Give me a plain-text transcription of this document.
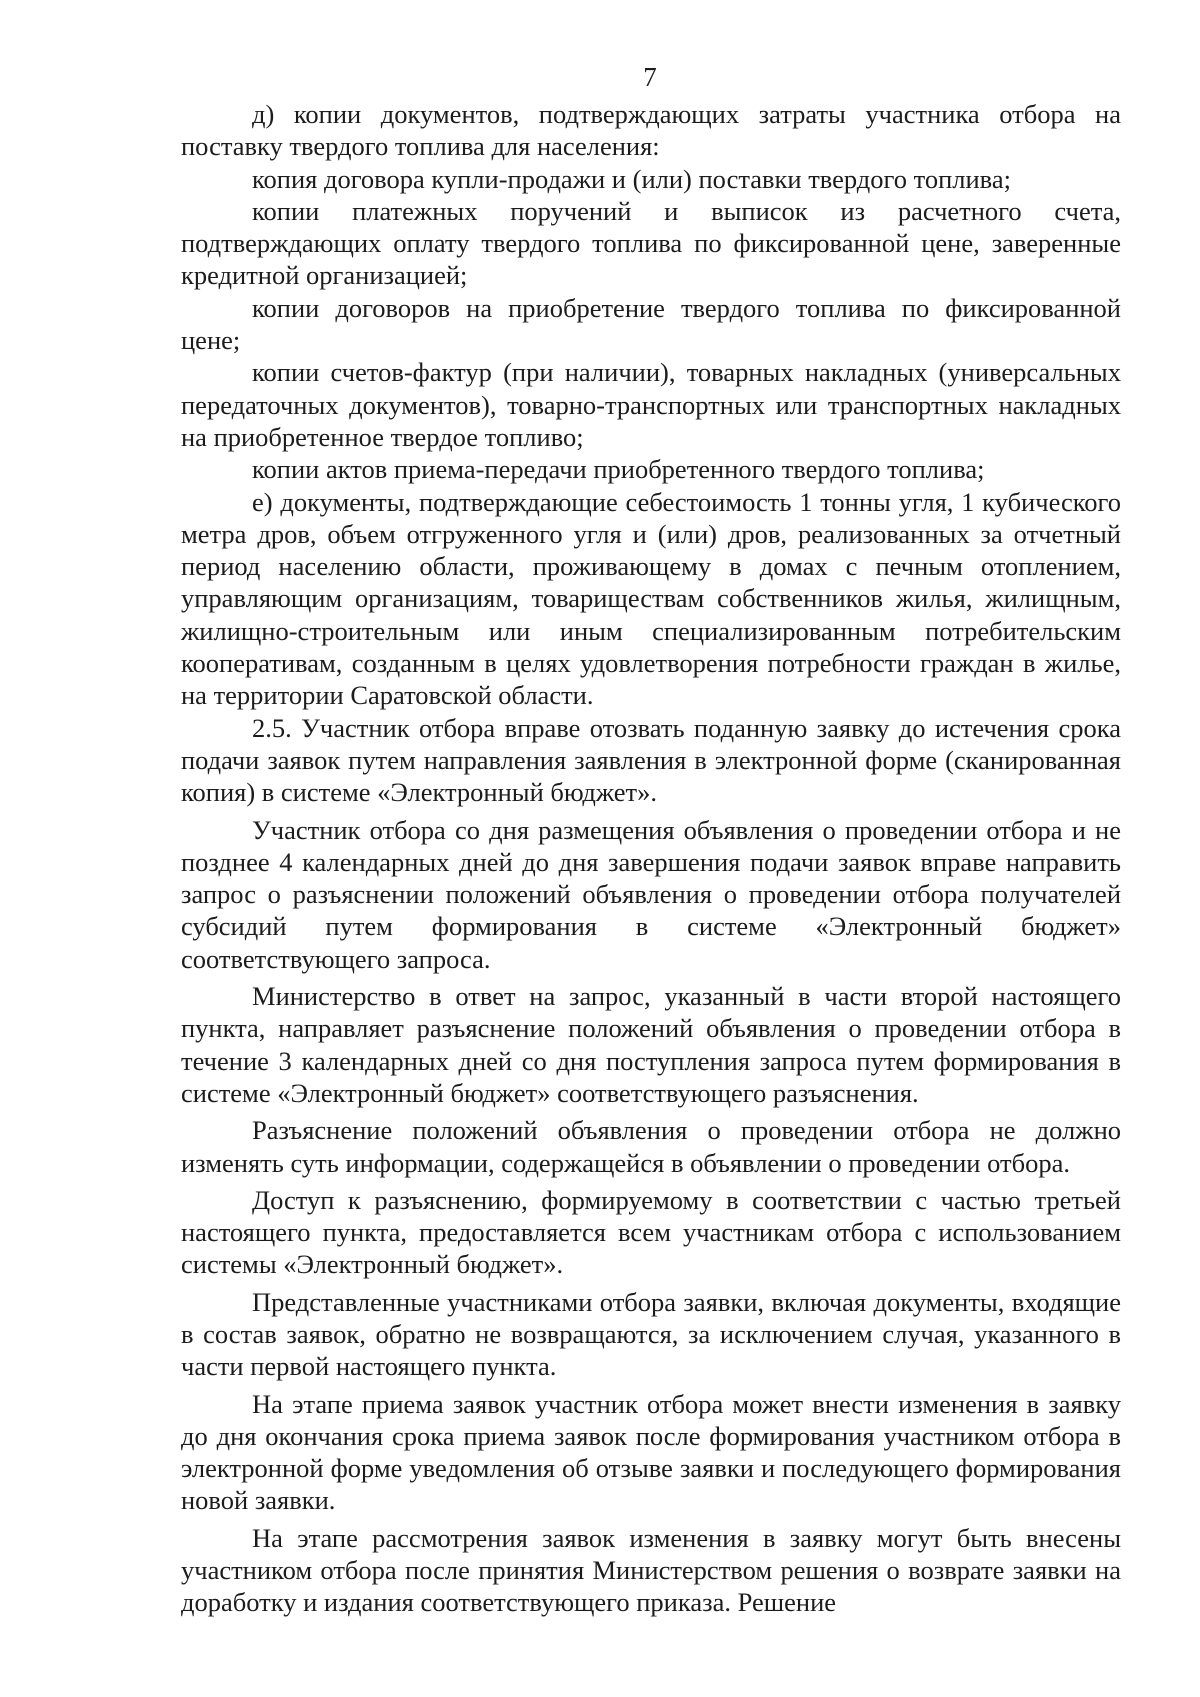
7

д) копии документов, подтверждающих затраты участника отбора на поставку твердого топлива для населения:

копия договора купли-продажи и (или) поставки твердого топлива;

копии платежных поручений и выписок из расчетного счета, подтверждающих оплату твердого топлива по фиксированной цене, заверенные кредитной организацией;

копии договоров на приобретение твердого топлива по фиксированной цене;

копии счетов-фактур (при наличии), товарных накладных (универсальных передаточных документов), товарно-транспортных или транспортных накладных на приобретенное твердое топливо;

копии актов приема-передачи приобретенного твердого топлива;

е) документы, подтверждающие себестоимость 1 тонны угля, 1 кубического метра дров, объем отгруженного угля и (или) дров, реализованных за отчетный период населению области, проживающему в домах с печным отоплением, управляющим организациям, товариществам собственников жилья, жилищным, жилищно-строительным или иным специализированным потребительским кооперативам, созданным в целях удовлетворения потребности граждан в жилье, на территории Саратовской области.

2.5. Участник отбора вправе отозвать поданную заявку до истечения срока подачи заявок путем направления заявления в электронной форме (сканированная копия) в системе «Электронный бюджет».

Участник отбора со дня размещения объявления о проведении отбора и не позднее 4 календарных дней до дня завершения подачи заявок вправе направить запрос о разъяснении положений объявления о проведении отбора получателей субсидий путем формирования в системе «Электронный бюджет» соответствующего запроса.

Министерство в ответ на запрос, указанный в части второй настоящего пункта, направляет разъяснение положений объявления о проведении отбора в течение 3 календарных дней со дня поступления запроса путем формирования в системе «Электронный бюджет» соответствующего разъяснения.

Разъяснение положений объявления о проведении отбора не должно изменять суть информации, содержащейся в объявлении о проведении отбора.

Доступ к разъяснению, формируемому в соответствии с частью третьей настоящего пункта, предоставляется всем участникам отбора с использованием системы «Электронный бюджет».

Представленные участниками отбора заявки, включая документы, входящие в состав заявок, обратно не возвращаются, за исключением случая, указанного в части первой настоящего пункта.

На этапе приема заявок участник отбора может внести изменения в заявку до дня окончания срока приема заявок после формирования участником отбора в электронной форме уведомления об отзыве заявки и последующего формирования новой заявки.

На этапе рассмотрения заявок изменения в заявку могут быть внесены участником отбора после принятия Министерством решения о возврате заявки на доработку и издания соответствующего приказа. Решение
